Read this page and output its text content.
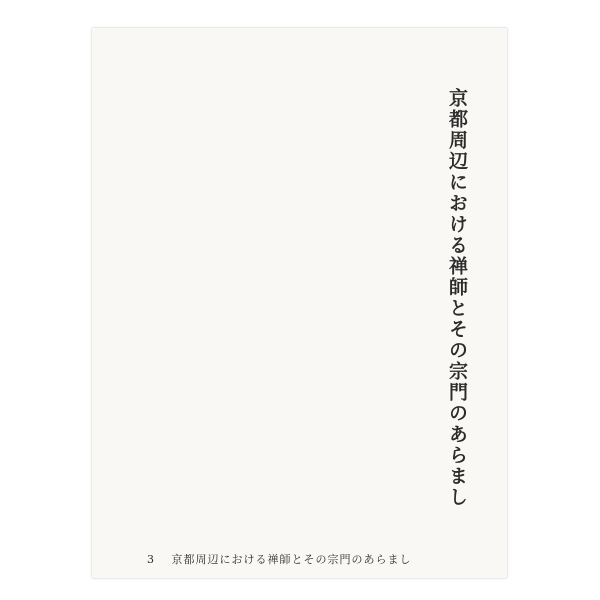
京都周辺における禅師とその宗門のあらまし

3 京都周辺における禅師とその宗門のあらまし
